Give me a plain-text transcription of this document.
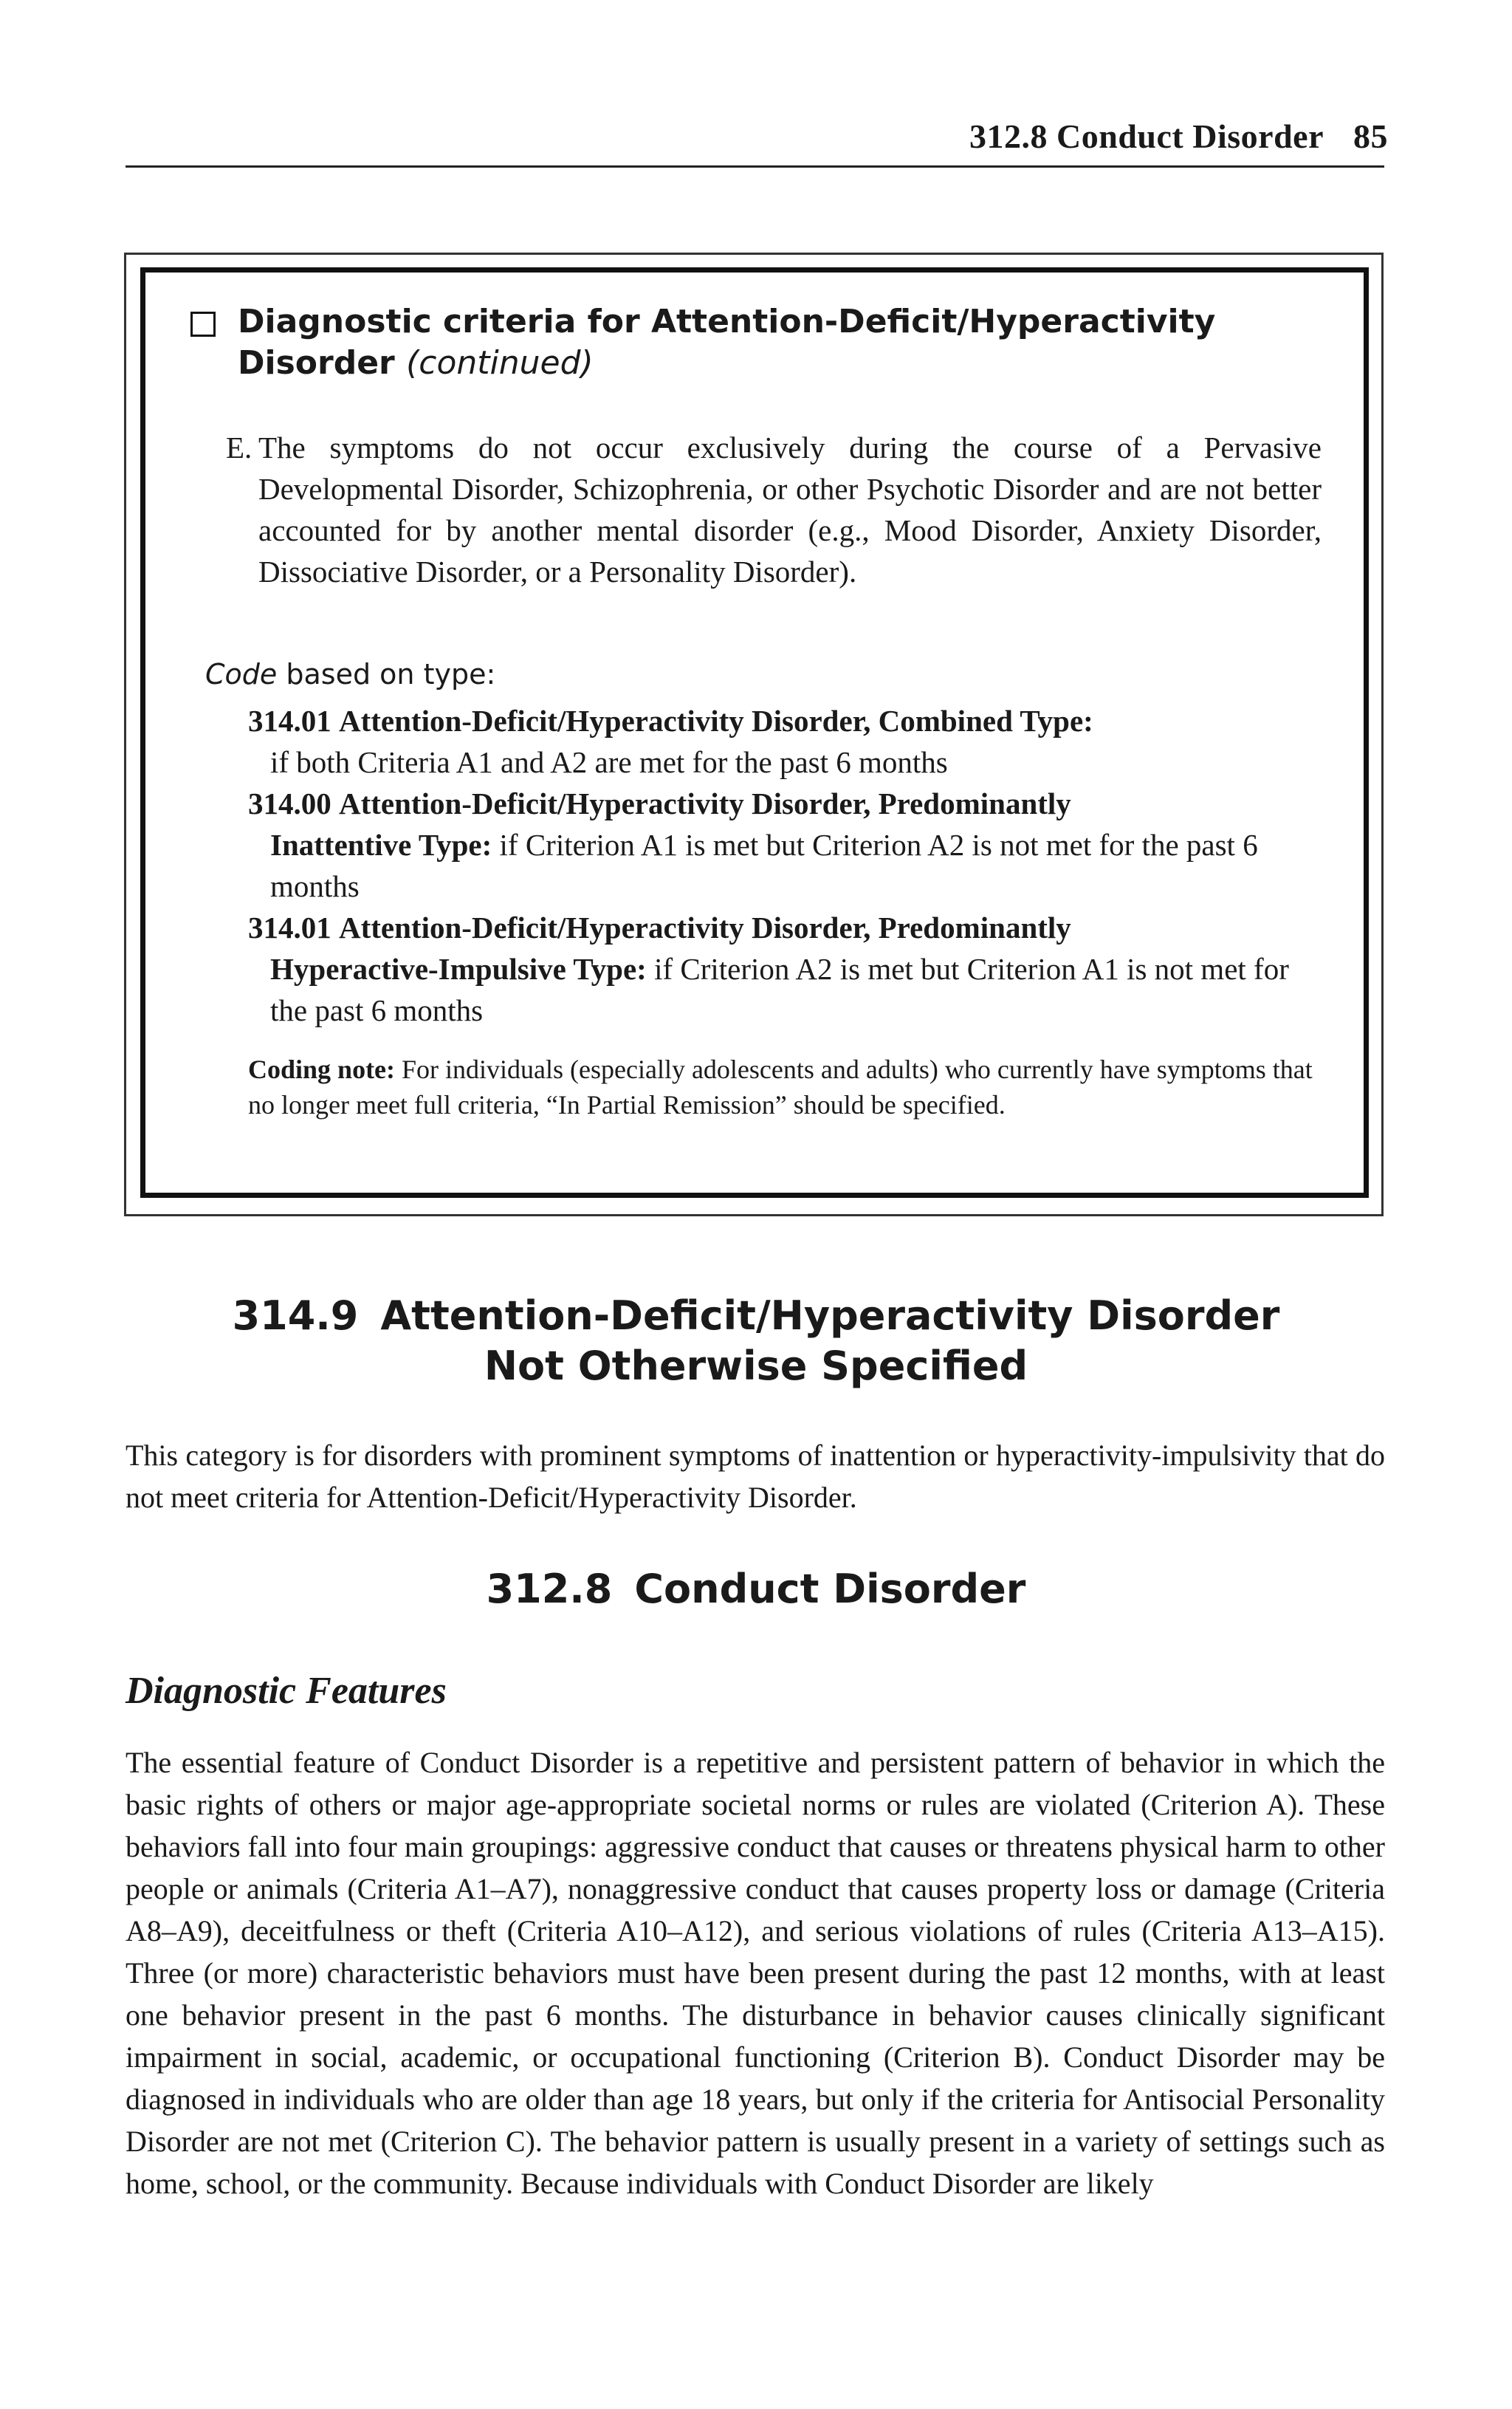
312.8 Conduct Disorder 85
Diagnostic criteria for Attention-Deficit/Hyperactivity Disorder (continued)
E. The symptoms do not occur exclusively during the course of a Pervasive Developmental Disorder, Schizophrenia, or other Psychotic Disorder and are not better accounted for by another mental disorder (e.g., Mood Disorder, Anxiety Disorder, Dissociative Disorder, or a Personality Disorder).
Code based on type:
314.01 Attention-Deficit/Hyperactivity Disorder, Combined Type:
if both Criteria A1 and A2 are met for the past 6 months
314.00 Attention-Deficit/Hyperactivity Disorder, Predominantly
Inattentive Type: if Criterion A1 is met but Criterion A2 is not met for the past 6 months
314.01 Attention-Deficit/Hyperactivity Disorder, Predominantly
Hyperactive-Impulsive Type: if Criterion A2 is met but Criterion A1 is not met for the past 6 months
Coding note: For individuals (especially adolescents and adults) who currently have symptoms that no longer meet full criteria, “In Partial Remission” should be specified.
314.9 Attention-Deficit/Hyperactivity Disorder
Not Otherwise Specified
This category is for disorders with prominent symptoms of inattention or hyperactivity-impulsivity that do not meet criteria for Attention-Deficit/Hyperactivity Disorder.
312.8 Conduct Disorder
Diagnostic Features
The essential feature of Conduct Disorder is a repetitive and persistent pattern of behavior in which the basic rights of others or major age-appropriate societal norms or rules are violated (Criterion A). These behaviors fall into four main groupings: aggressive conduct that causes or threatens physical harm to other people or animals (Criteria A1–A7), nonaggressive conduct that causes property loss or damage (Criteria A8–A9), deceitfulness or theft (Criteria A10–A12), and serious violations of rules (Criteria A13–A15). Three (or more) characteristic behaviors must have been present during the past 12 months, with at least one behavior present in the past 6 months. The disturbance in behavior causes clinically significant impairment in social, academic, or occupational functioning (Criterion B). Conduct Disorder may be diagnosed in individuals who are older than age 18 years, but only if the criteria for Antisocial Personality Disorder are not met (Criterion C). The behavior pattern is usually present in a variety of settings such as home, school, or the community. Because individuals with Conduct Disorder are likely
